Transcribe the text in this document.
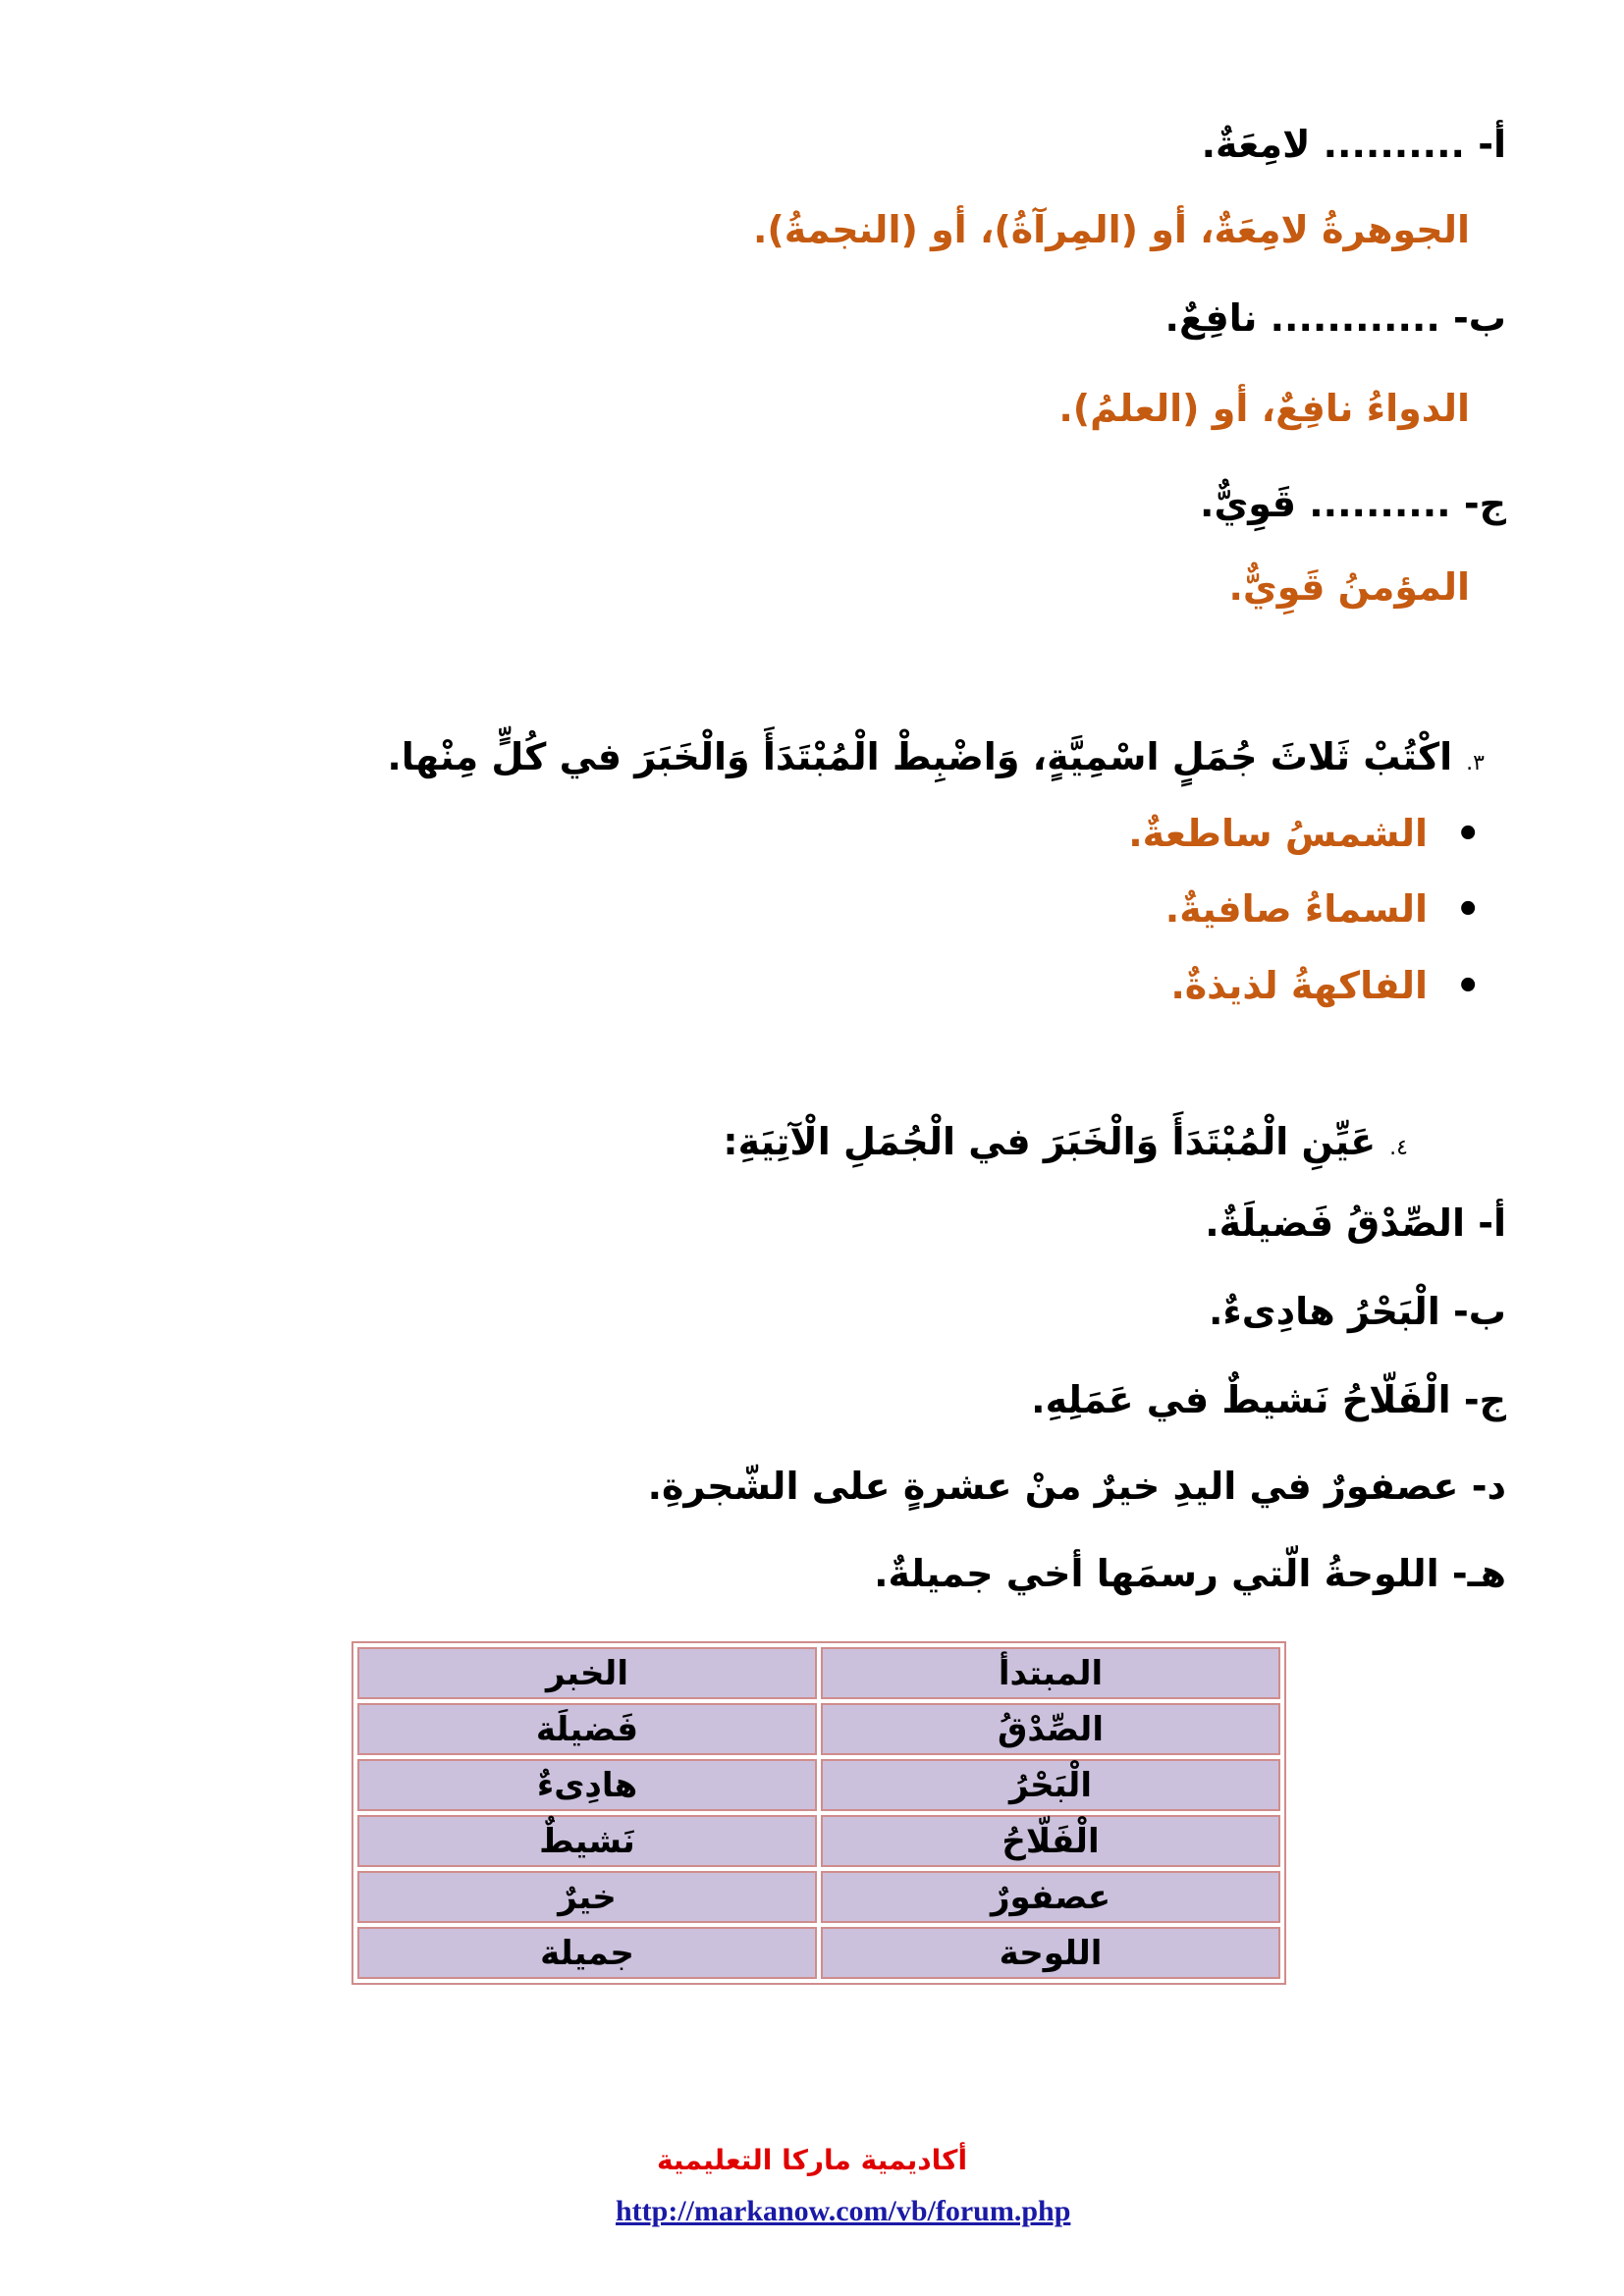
أ- .......... لامِعَةٌ.
الجوهرةُ لامِعَةٌ، أو (المِرآةُ)، أو (النجمةُ).
ب- ............ نافِعٌ.
الدواءُ نافِعٌ، أو (العلمُ).
ج- .......... قَوِيٌّ.
المؤمنُ قَوِيٌّ.
٣.اكْتُبْ ثَلاثَ جُمَلٍ اسْمِيَّةٍ، وَاضْبِطْ الْمُبْتَدَأَ وَالْخَبَرَ في كُلٍّ مِنْها.
•
الشمسُ ساطعةٌ.
•
السماءُ صافيةٌ.
•
الفاكهةُ لذيذةٌ.
٤.عَيِّنِ الْمُبْتَدَأَ وَالْخَبَرَ في الْجُمَلِ الْآتِيَةِ:
أ- الصِّدْقُ فَضيلَةٌ.
ب- الْبَحْرُ هادِىءٌ.
ج- الْفَلّاحُ نَشيطٌ في عَمَلِهِ.
د- عصفورٌ في اليدِ خيرٌ منْ عشرةٍ على الشّجرةِ.
هـ- اللوحةُ الّتي رسمَها أخي جميلةٌ.
المبتدأ	الخبر
الصِّدْقُ	فَضيلَة
الْبَحْرُ	هادِىءٌ
الْفَلّاحُ	نَشيطٌ
عصفورٌ	خيرٌ
اللوحة	جميلة
أكاديمية ماركا التعليمية
http://markanow.com/vb/forum.php
